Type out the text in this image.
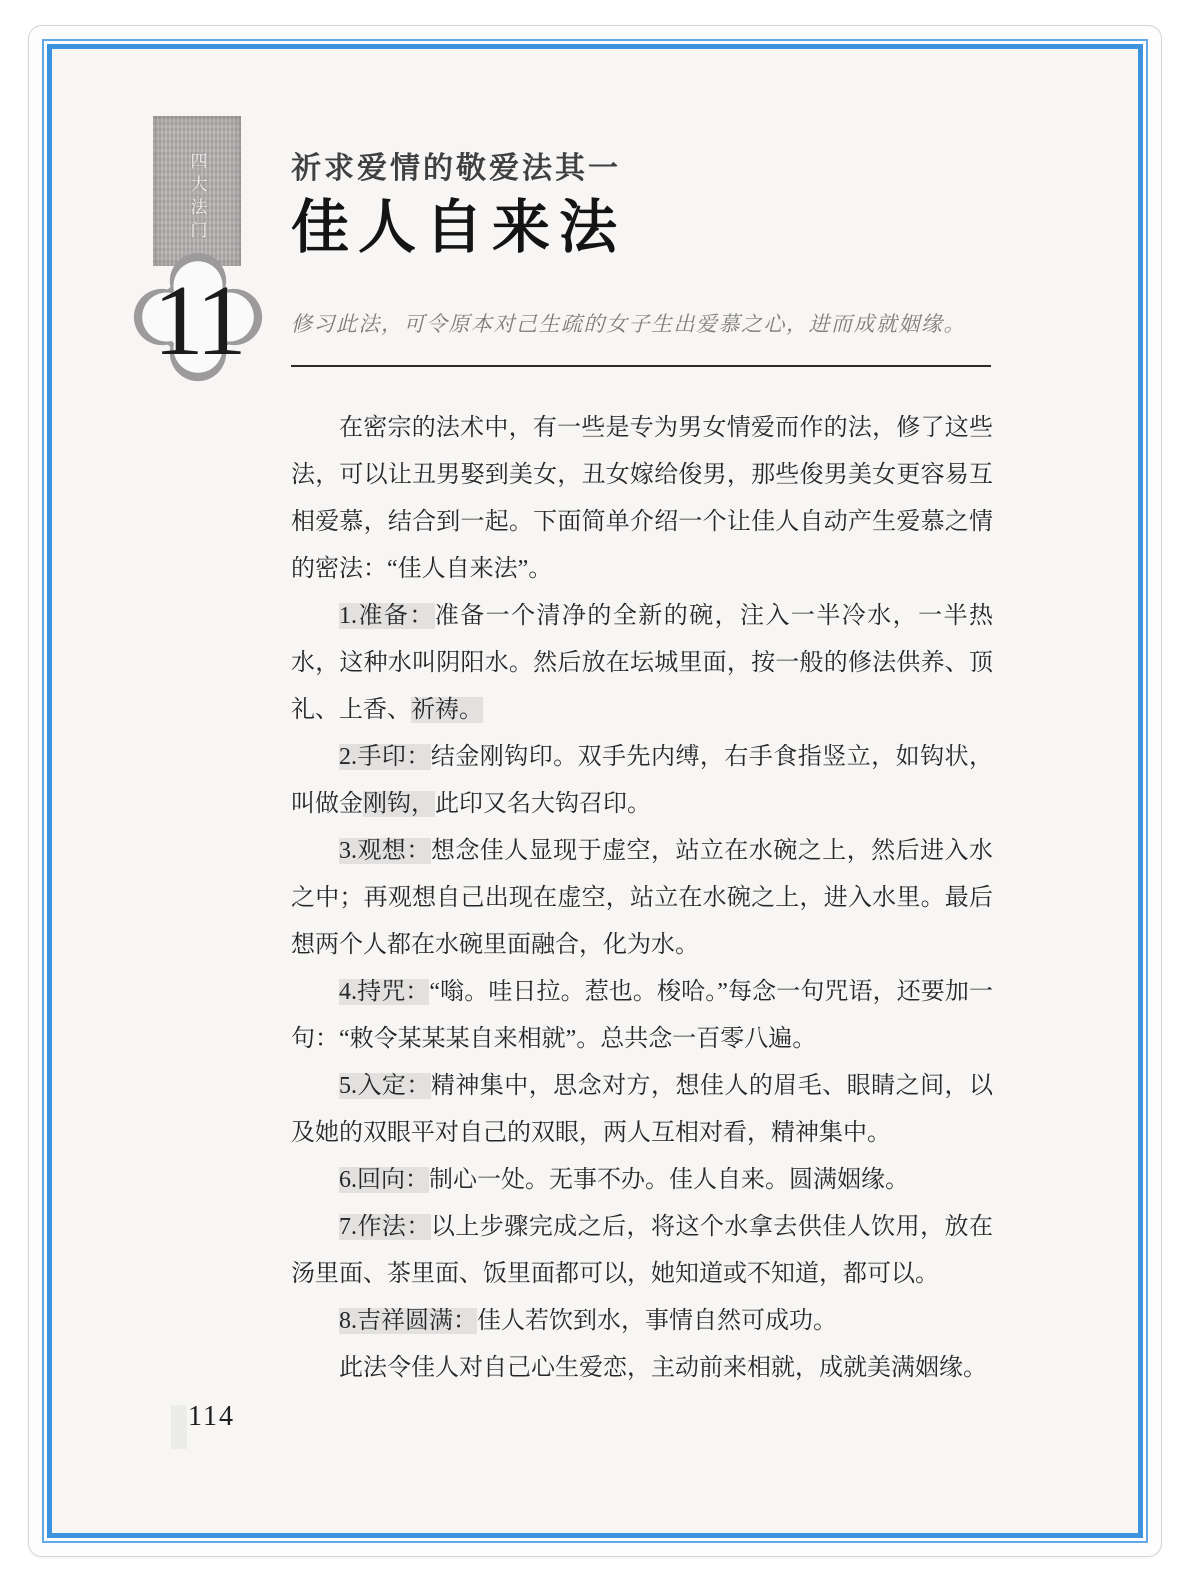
四大法门
11
祈求爱情的敬爱法其一
佳人自来法
修习此法，可令原本对己生疏的女子生出爱慕之心，进而成就姻缘。

在密宗的法术中，有一些是专为男女情爱而作的法，修了这些法，可以让丑男娶到美女，丑女嫁给俊男，那些俊男美女更容易互相爱慕，结合到一起。下面简单介绍一个让佳人自动产生爱慕之情的密法：“佳人自来法”。

1.准备：准备一个清净的全新的碗，注入一半冷水，一半热水，这种水叫阴阳水。然后放在坛城里面，按一般的修法供养、顶礼、上香、祈祷。

2.手印：结金刚钩印。双手先内缚，右手食指竖立，如钩状，叫做金刚钩，此印又名大钩召印。

3.观想：想念佳人显现于虚空，站立在水碗之上，然后进入水之中；再观想自己出现在虚空，站立在水碗之上，进入水里。最后想两个人都在水碗里面融合，化为水。

4.持咒：“嗡。哇日拉。惹也。梭哈。”每念一句咒语，还要加一句：“敕令某某某自来相就”。总共念一百零八遍。

5.入定：精神集中，思念对方，想佳人的眉毛、眼睛之间，以及她的双眼平对自己的双眼，两人互相对看，精神集中。

6.回向：制心一处。无事不办。佳人自来。圆满姻缘。

7.作法：以上步骤完成之后，将这个水拿去供佳人饮用，放在汤里面、茶里面、饭里面都可以，她知道或不知道，都可以。

8.吉祥圆满：佳人若饮到水，事情自然可成功。

此法令佳人对自己心生爱恋，主动前来相就，成就美满姻缘。

114
